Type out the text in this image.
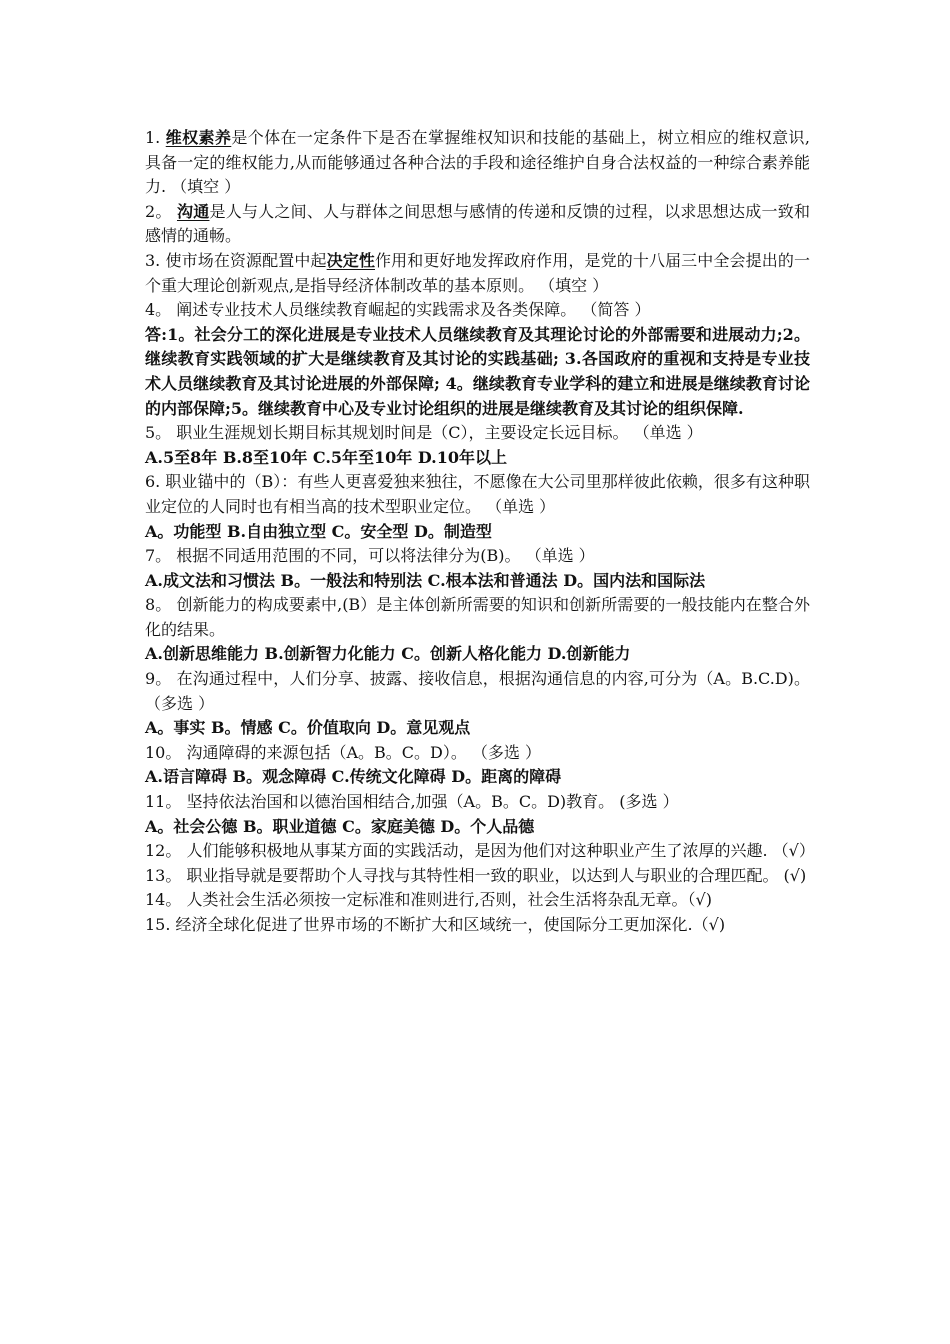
1. 维权素养是个体在一定条件下是否在掌握维权知识和技能的基础上，树立相应的维权意识,具备一定的维权能力,从而能够通过各种合法的手段和途径维护自身合法权益的一种综合素养能力. （填空 ）
2。 沟通是人与人之间、人与群体之间思想与感情的传递和反馈的过程，以求思想达成一致和感情的通畅。
3. 使市场在资源配置中起决定性作用和更好地发挥政府作用，是党的十八届三中全会提出的一个重大理论创新观点,是指导经济体制改革的基本原则。 （填空 ）
4。 阐述专业技术人员继续教育崛起的实践需求及各类保障。 （简答 ）
答:1。社会分工的深化进展是专业技术人员继续教育及其理论讨论的外部需要和进展动力;2。继续教育实践领域的扩大是继续教育及其讨论的实践基础; 3.各国政府的重视和支持是专业技术人员继续教育及其讨论进展的外部保障; 4。继续教育专业学科的建立和进展是继续教育讨论的内部保障;5。继续教育中心及专业讨论组织的进展是继续教育及其讨论的组织保障.
5。 职业生涯规划长期目标其规划时间是（C），主要设定长远目标。 （单选 ）
A.5至8年 B.8至10年 C.5年至10年 D.10年以上
6. 职业锚中的（B）：有些人更喜爱独来独往，不愿像在大公司里那样彼此依赖，很多有这种职业定位的人同时也有相当高的技术型职业定位。 （单选 ）
A。功能型 B.自由独立型 C。安全型 D。制造型
7。 根据不同适用范围的不同，可以将法律分为(B)。 （单选 ）
A.成文法和习惯法 B。一般法和特别法 C.根本法和普通法 D。国内法和国际法
8。 创新能力的构成要素中,(B）是主体创新所需要的知识和创新所需要的一般技能内在整合外化的结果。
A.创新思维能力 B.创新智力化能力 C。创新人格化能力 D.创新能力
9。 在沟通过程中，人们分享、披露、接收信息，根据沟通信息的内容,可分为（A。B.C.D)。 （多选 ）
A。事实 B。情感 C。价值取向 D。意见观点
10。 沟通障碍的来源包括（A。B。C。D）。 （多选 ）
A.语言障碍 B。观念障碍 C.传统文化障碍 D。距离的障碍
11。 坚持依法治国和以德治国相结合,加强（A。B。C。D)教育。 (多选 ）
A。社会公德 B。职业道德 C。家庭美德 D。个人品德
12。 人们能够积极地从事某方面的实践活动，是因为他们对这种职业产生了浓厚的兴趣. （√）
13。 职业指导就是要帮助个人寻找与其特性相一致的职业，以达到人与职业的合理匹配。 (√)
14。 人类社会生活必须按一定标准和准则进行,否则，社会生活将杂乱无章。（√)
15. 经济全球化促进了世界市场的不断扩大和区域统一，使国际分工更加深化.（√)
